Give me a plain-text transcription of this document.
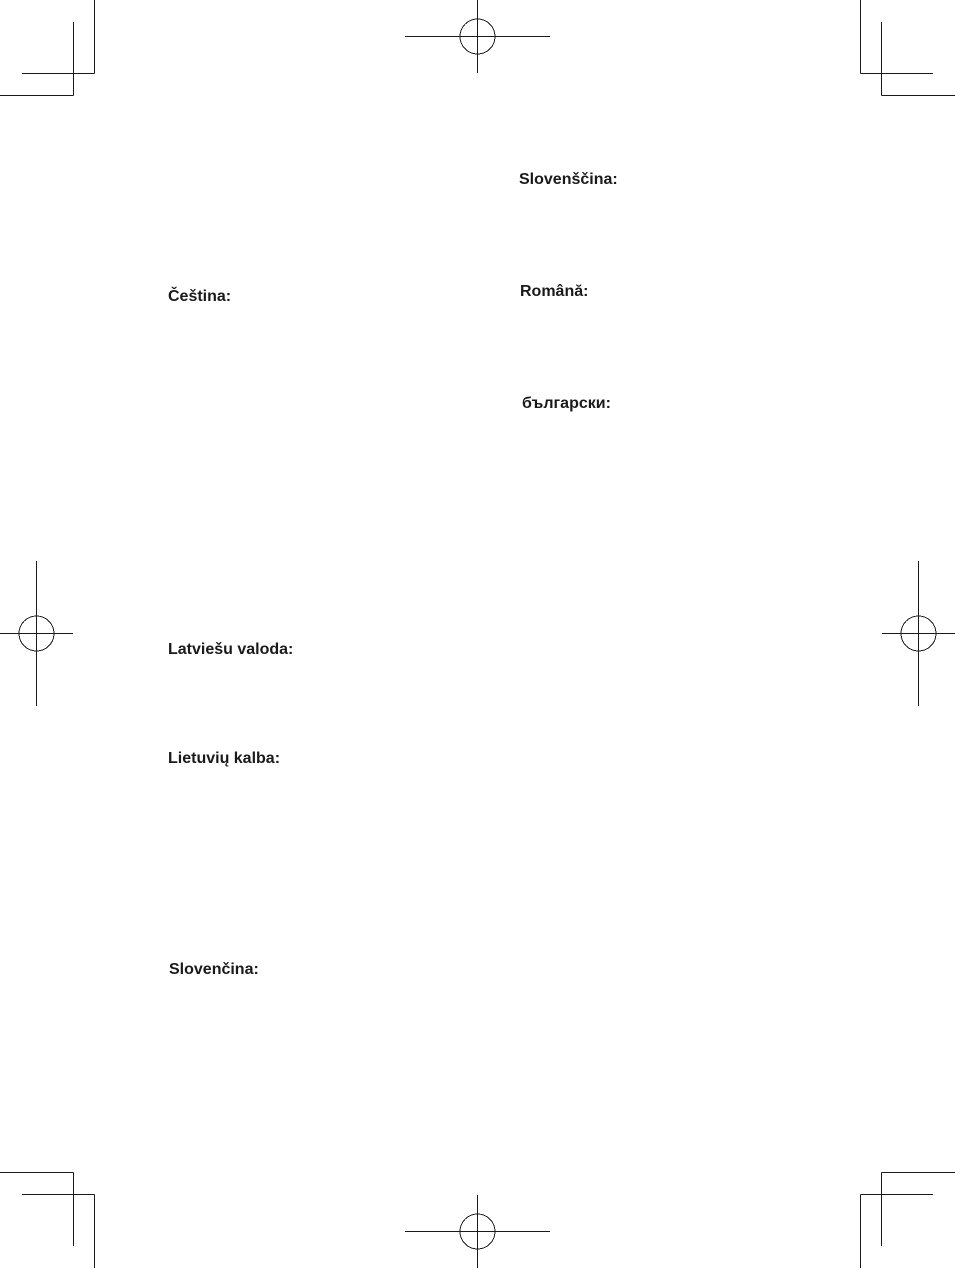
Čeština:
Latviešu valoda:
Lietuvių kalba:
Slovenčina:
Slovenščina:
Română:
български:
